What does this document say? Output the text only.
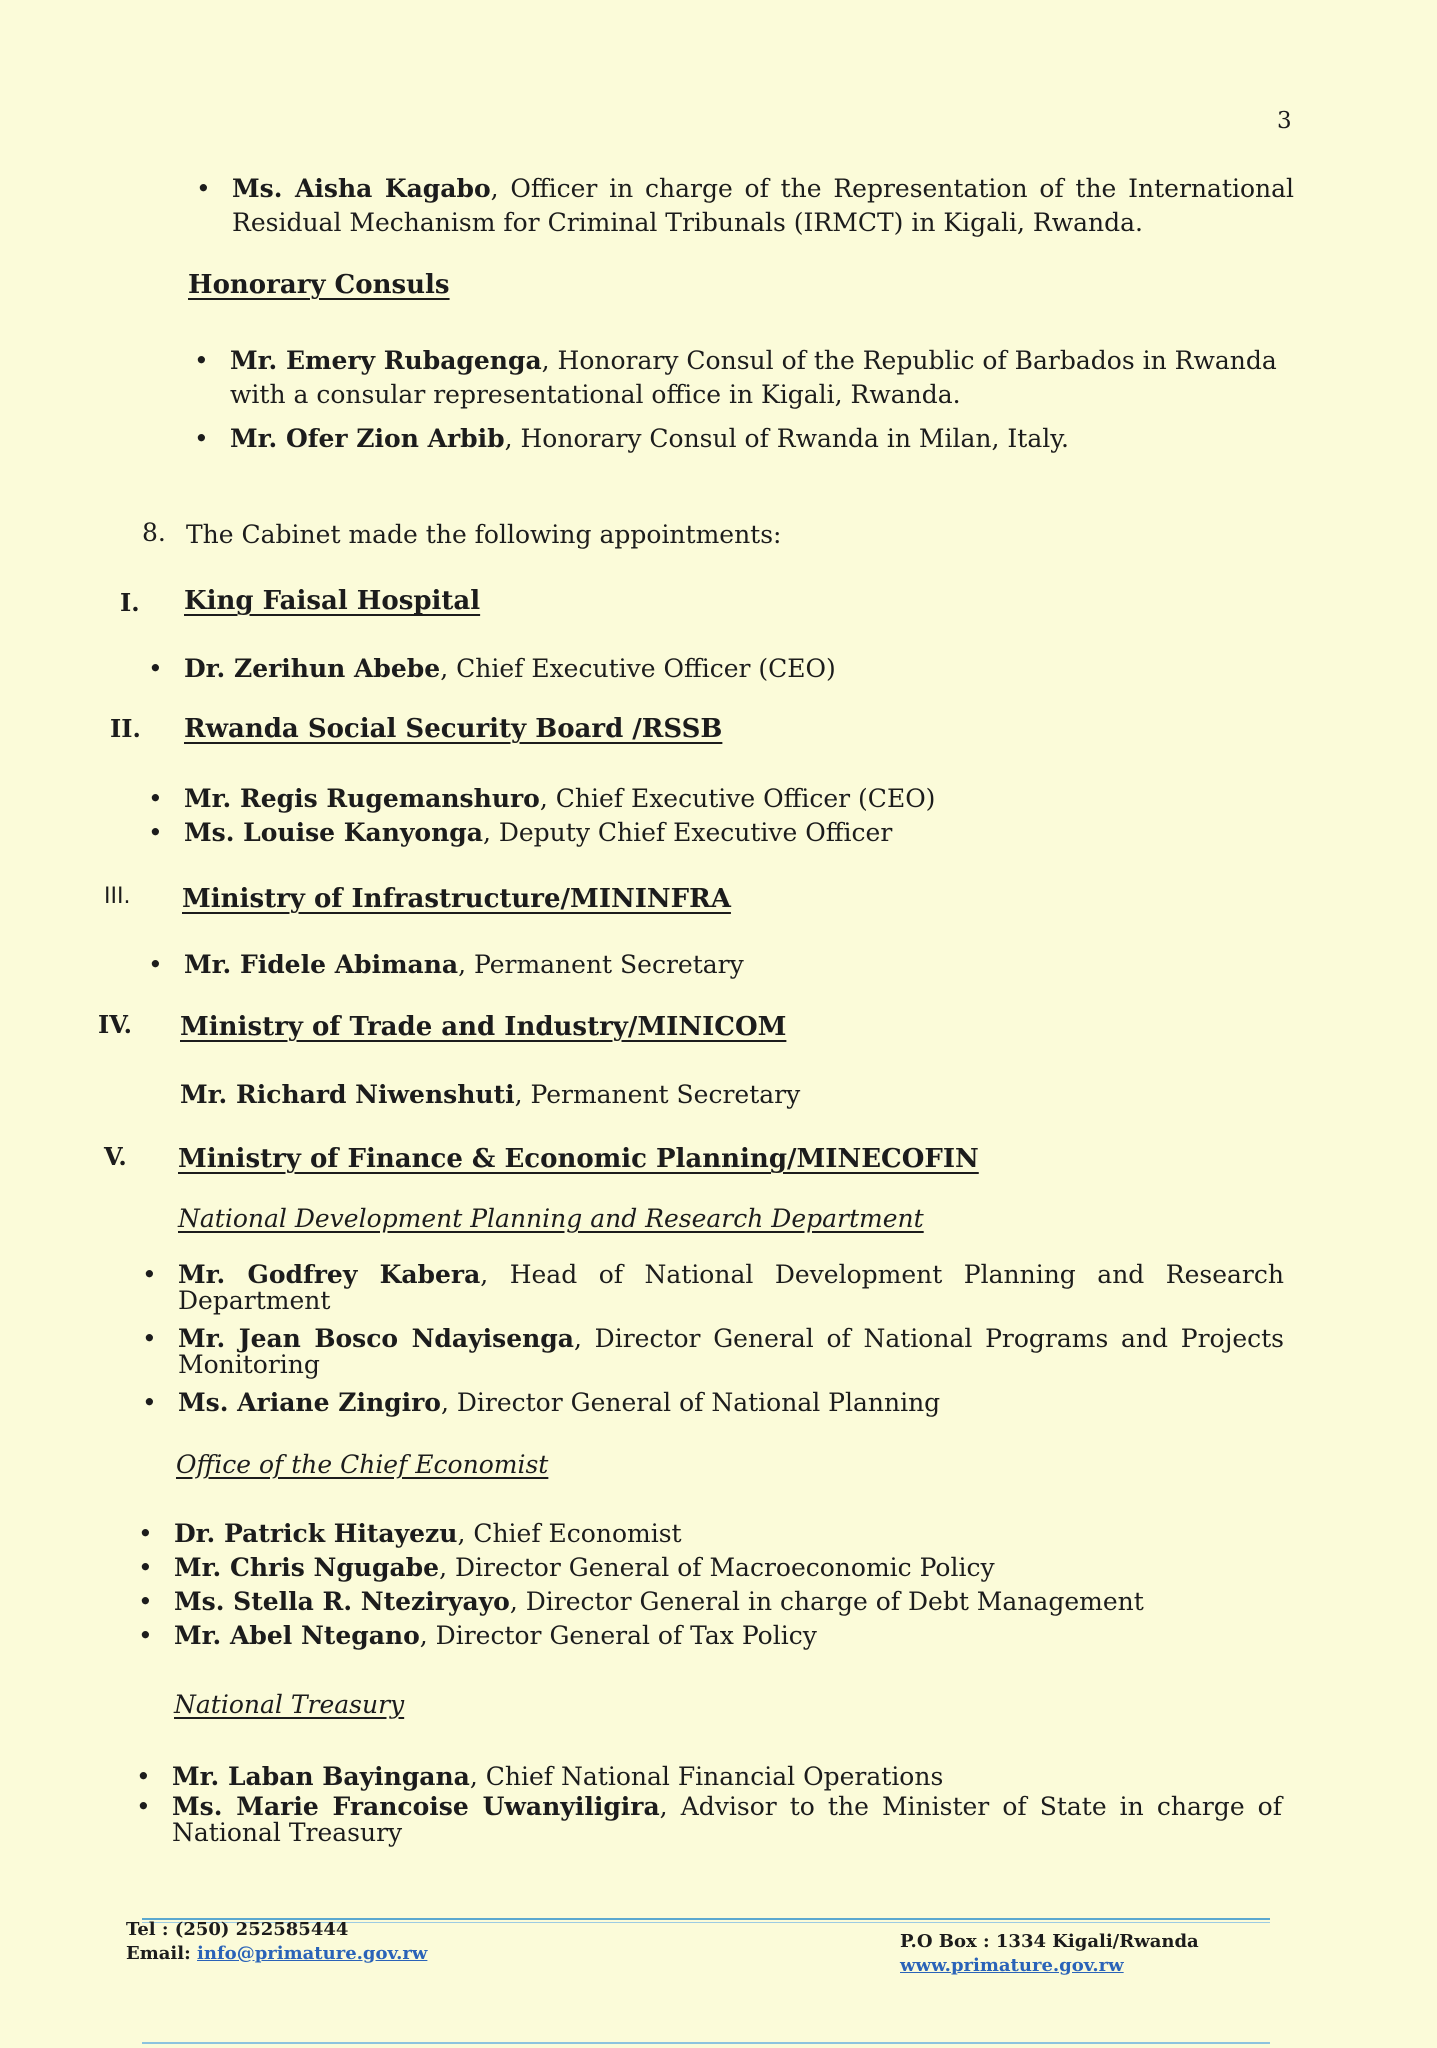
3
• Ms. Aisha Kagabo, Officer in charge of the Representation of the International Residual Mechanism for Criminal Tribunals (IRMCT) in Kigali, Rwanda.
Honorary Consuls
• Mr. Emery Rubagenga, Honorary Consul of the Republic of Barbados in Rwanda with a consular representational office in Kigali, Rwanda.
• Mr. Ofer Zion Arbib, Honorary Consul of Rwanda in Milan, Italy.
8. The Cabinet made the following appointments:
I. King Faisal Hospital
• Dr. Zerihun Abebe, Chief Executive Officer (CEO)
II. Rwanda Social Security Board /RSSB
• Mr. Regis Rugemanshuro, Chief Executive Officer (CEO)
• Ms. Louise Kanyonga, Deputy Chief Executive Officer
III. Ministry of Infrastructure/MININFRA
• Mr. Fidele Abimana, Permanent Secretary
IV. Ministry of Trade and Industry/MINICOM
Mr. Richard Niwenshuti, Permanent Secretary
V. Ministry of Finance & Economic Planning/MINECOFIN
National Development Planning and Research Department
• Mr. Godfrey Kabera, Head of National Development Planning and Research Department
• Mr. Jean Bosco Ndayisenga, Director General of National Programs and Projects Monitoring
• Ms. Ariane Zingiro, Director General of National Planning
Office of the Chief Economist
• Dr. Patrick Hitayezu, Chief Economist
• Mr. Chris Ngugabe, Director General of Macroeconomic Policy
• Ms. Stella R. Nteziryayo, Director General in charge of Debt Management
• Mr. Abel Ntegano, Director General of Tax Policy
National Treasury
• Mr. Laban Bayingana, Chief National Financial Operations
• Ms. Marie Francoise Uwanyiligira, Advisor to the Minister of State in charge of National Treasury
Tel : (250) 252585444
Email: info@primature.gov.rw
P.O Box : 1334 Kigali/Rwanda
www.primature.gov.rw
